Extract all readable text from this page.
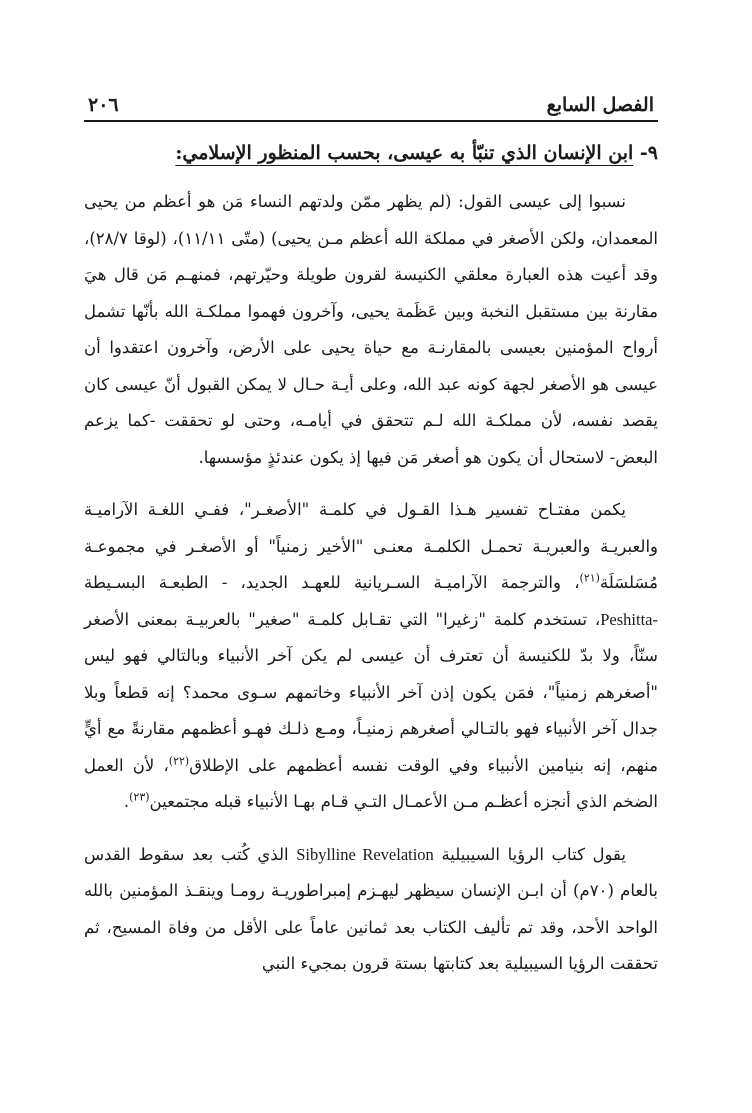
الفصل السابع
٢٠٦
٩- ابن الإنسان الذي تنبّأ به عيسى، بحسب المنظور الإسلامي:

نسبوا إلى عيسى القول: (لم يظهر ممّن ولدتهم النساء مَن هو أعظم من يحيى المعمدان، ولكن الأصغر في مملكة الله أعظم مـن يحيى) (متّى ١١/١١)، (لوقا ٢٨/٧)، وقد أعيت هذه العبارة معلقي الكنيسة لقرون طويلة وحيّرتهم، فمنهـم مَن قال هيَ مقارنة بين مستقبل النخبة وبين عَظَمة يحيى، وآخرون فهموا مملكـة الله بأنّها تشمل أرواح المؤمنين بعيسى بالمقارنـة مع حياة يحيى على الأرض، وآخرون اعتقدوا أن عيسى هو الأصغر لجهة كونه عبد الله، وعلى أيـة حـال لا يمكن القبول أنّ عيسى كان يقصد نفسه، لأن مملكـة الله لـم تتحقق في أيامـه، وحتى لو تحققت -كما يزعم البعض- لاستحال أن يكون هو أصغر مَن فيها إذ يكون عندئذٍ مؤسسها.

يكمن مفتـاح تفسير هـذا القـول في كلمـة "الأصغـر"، ففـي اللغـة الآراميـة والعبريـة والعبريـة تحمـل الكلمـة معنـى "الأخير زمنياً" أو الأصغـر في مجموعـة مُسَلسَلَة$^{(٢١)}$، والترجمة الآراميـة السـريانية للعهـد الجديد، - الطبعـة البسـيطة Peshitta-، تستخدم كلمة "زغيرا" التي تقـابل كلمـة "صغير" بالعربيـة بمعنى الأصغر سنّاً، ولا بدّ للكنيسة أن تعترف أن عيسى لم يكن آخر الأنبياء وبالتالي فهو ليس "أصغرهم زمنياً"، فمَن يكون إذن آخر الأنبياء وخاتمهم سـوى محمد؟ إنه قطعاً وبلا جدال آخر الأنبياء فهو بالتـالي أصغرهم زمنيـاً، ومـع ذلـك فهـو أعظمهم مقارنةً مع أيٍّ منهم، إنه بنيامين الأنبياء وفي الوقت نفسه أعظمهم على الإطلاق$^{(٢٢)}$، لأن العمل الضخم الذي أنجزه أعظـم مـن الأعمـال التـي قـام بهـا الأنبياء قبله مجتمعين$^{(٢٣)}$.

يقول كتاب الرؤيا السيبيلية Sibylline Revelation الذي كُتب بعد سقوط القدس بالعام (٧٠م) أن ابـن الإنسان سيظهر ليهـزم إمبراطوريـة رومـا وينقـذ المؤمنين بالله الواحد الأحد، وقد تم تأليف الكتاب بعد ثمانين عاماً على الأقل من وفاة المسيح، ثم تحققت الرؤيا السيبيلية بعد كتابتها بستة قرون بمجيء النبي
